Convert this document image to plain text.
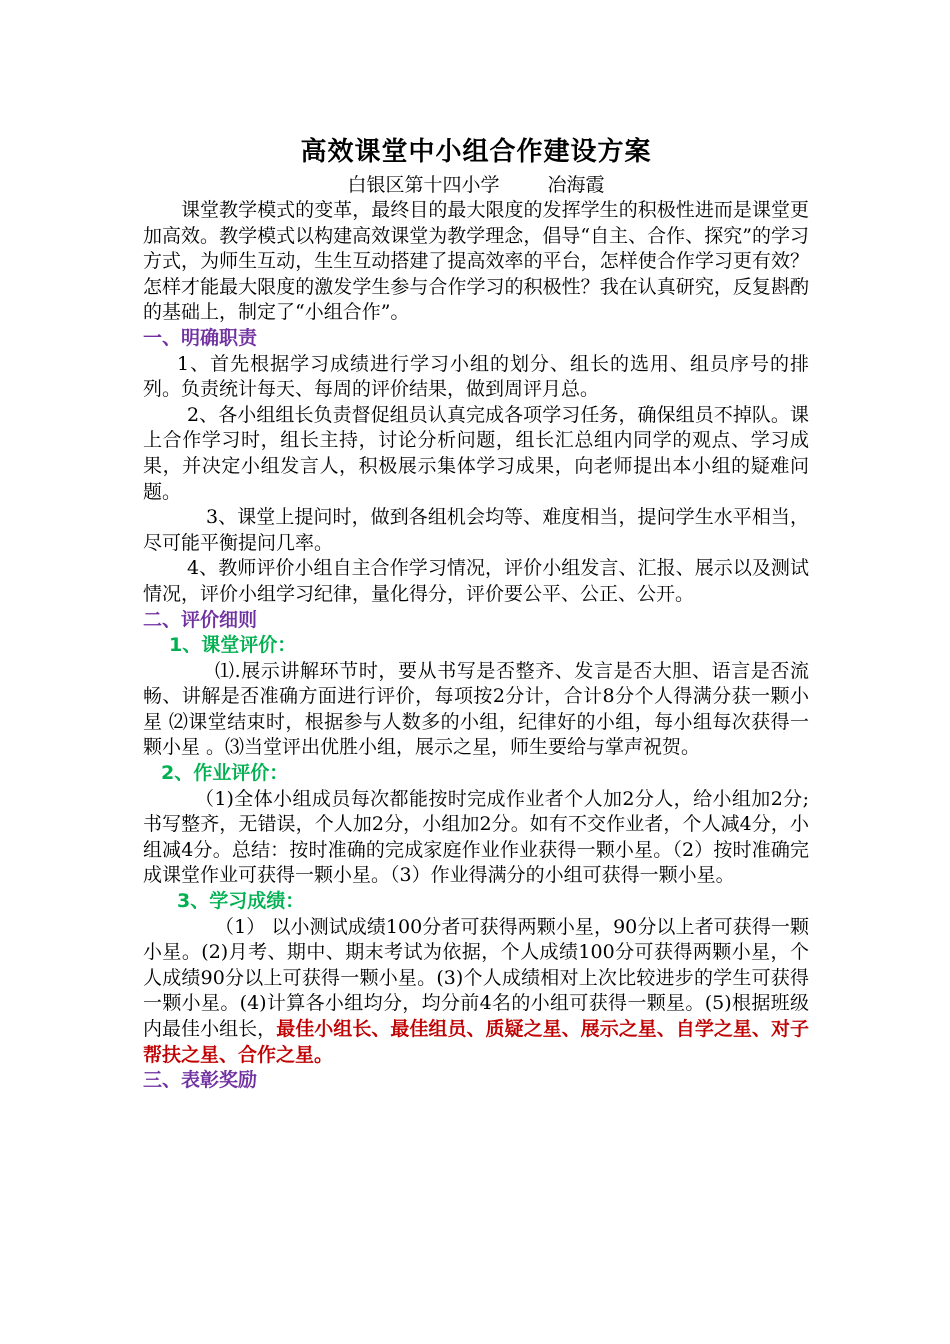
高效课堂中小组合作建设方案

白银区第十四小学	冶海霞

课堂教学模式的变革，最终目的最大限度的发挥学生的积极性进而是课堂更加高效。教学模式以构建高效课堂为教学理念，倡导“自主、合作、探究”的学习方式，为师生互动，生生互动搭建了提高效率的平台，怎样使合作学习更有效？怎样才能最大限度的激发学生参与合作学习的积极性？我在认真研究，反复斟酌的基础上，制定了“小组合作”。

一、明确职责

1、首先根据学习成绩进行学习小组的划分、组长的选用、组员序号的排列。负责统计每天、每周的评价结果，做到周评月总。

2、各小组组长负责督促组员认真完成各项学习任务，确保组员不掉队。课上合作学习时，组长主持，讨论分析问题，组长汇总组内同学的观点、学习成果，并决定小组发言人，积极展示集体学习成果，向老师提出本小组的疑难问题。

3、课堂上提问时，做到各组机会均等、难度相当，提问学生水平相当， 尽可能平衡提问几率。

4、教师评价小组自主合作学习情况，评价小组发言、汇报、展示以及测试情况，评价小组学习纪律，量化得分，评价要公平、公正、公开。

二、评价细则

1、课堂评价：

⑴.展示讲解环节时，要从书写是否整齐、发言是否大胆、语言是否流畅、讲解是否准确方面进行评价，每项按2分计，合计8分个人得满分获一颗小星 ⑵课堂结束时，根据参与人数多的小组，纪律好的小组，每小组每次获得一颗小星 。⑶当堂评出优胜小组，展示之星，师生要给与掌声祝贺。

2、作业评价：

（1)全体小组成员每次都能按时完成作业者个人加2分人，给小组加2分;书写整齐，无错误，个人加2分，小组加2分。如有不交作业者，个人减4分，小组减4分。总结：按时准确的完成家庭作业作业获得一颗小星。（2）按时准确完成课堂作业可获得一颗小星。（3）作业得满分的小组可获得一颗小星。

3、学习成绩：

（1） 以小测试成绩100分者可获得两颗小星，90分以上者可获得一颗小星。(2)月考、期中、期末考试为依据，个人成绩100分可获得两颗小星，个人成绩90分以上可获得一颗小星。(3)个人成绩相对上次比较进步的学生可获得一颗小星。(4)计算各小组均分，均分前4名的小组可获得一颗星。(5)根据班级内最佳小组长，最佳小组长、最佳组员、质疑之星、展示之星、自学之星、对子帮扶之星、合作之星。

三、表彰奖励
